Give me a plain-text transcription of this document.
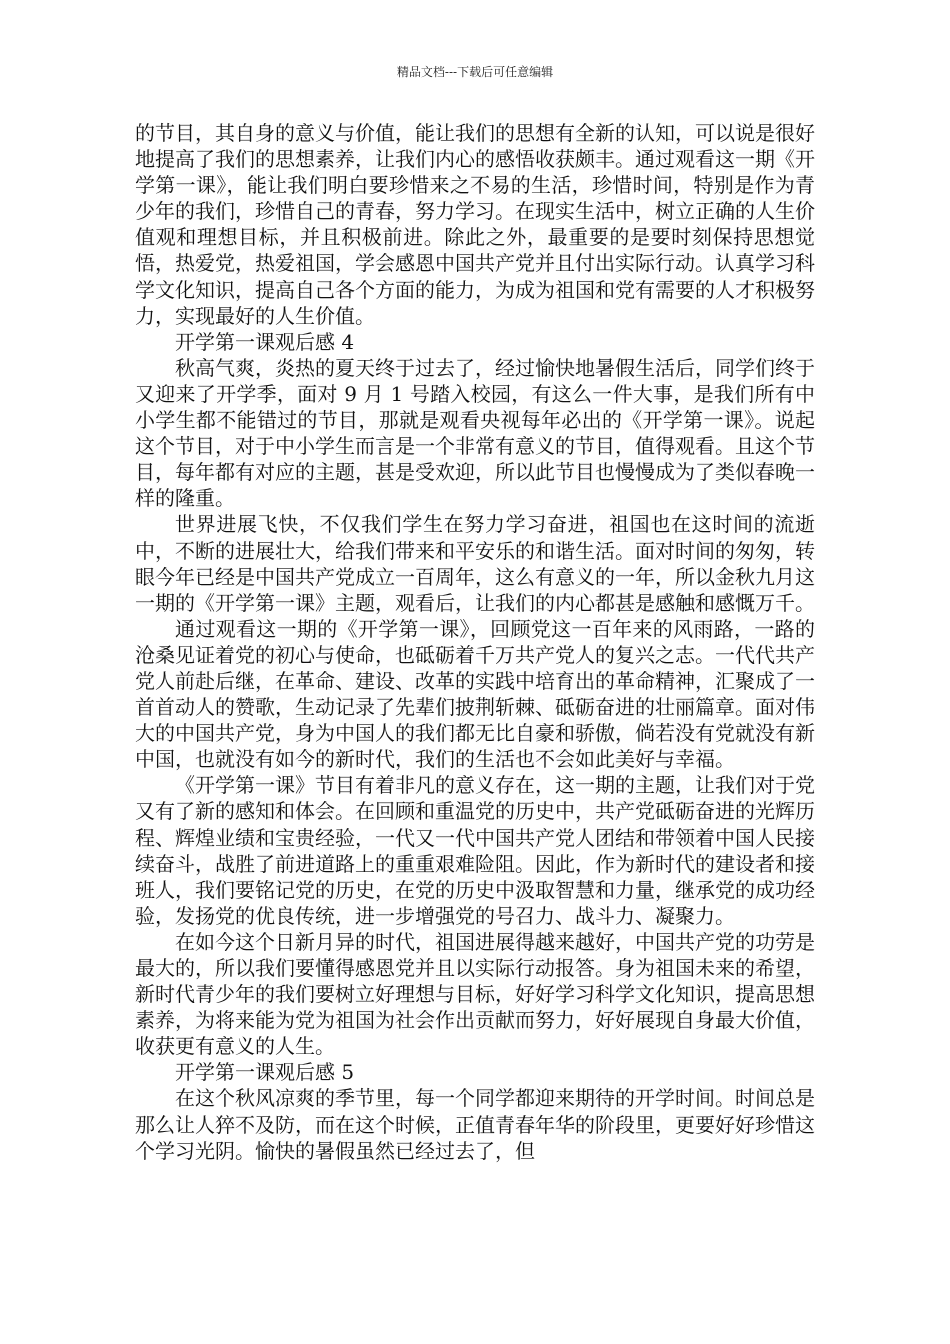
精品文档---下载后可任意编辑

的节目，其自身的意义与价值，能让我们的思想有全新的认知，可以说是很好地提高了我们的思想素养，让我们内心的感悟收获颇丰。通过观看这一期《开学第一课》，能让我们明白要珍惜来之不易的生活，珍惜时间，特别是作为青少年的我们，珍惜自己的青春，努力学习。在现实生活中，树立正确的人生价值观和理想目标，并且积极前进。除此之外，最重要的是要时刻保持思想觉悟，热爱党，热爱祖国，学会感恩中国共产党并且付出实际行动。认真学习科学文化知识，提高自己各个方面的能力，为成为祖国和党有需要的人才积极努力，实现最好的人生价值。

开学第一课观后感 4

秋高气爽，炎热的夏天终于过去了，经过愉快地暑假生活后，同学们终于又迎来了开学季，面对 9 月 1 号踏入校园，有这么一件大事，是我们所有中小学生都不能错过的节目，那就是观看央视每年必出的《开学第一课》。说起这个节目，对于中小学生而言是一个非常有意义的节目，值得观看。且这个节目，每年都有对应的主题，甚是受欢迎，所以此节目也慢慢成为了类似春晚一样的隆重。

世界进展飞快，不仅我们学生在努力学习奋进，祖国也在这时间的流逝中，不断的进展壮大，给我们带来和平安乐的和谐生活。面对时间的匆匆，转眼今年已经是中国共产党成立一百周年，这么有意义的一年，所以金秋九月这一期的《开学第一课》主题，观看后，让我们的内心都甚是感触和感慨万千。

通过观看这一期的《开学第一课》，回顾党这一百年来的风雨路，一路的沧桑见证着党的初心与使命，也砥砺着千万共产党人的复兴之志。一代代共产党人前赴后继，在革命、建设、改革的实践中培育出的革命精神，汇聚成了一首首动人的赞歌，生动记录了先辈们披荆斩棘、砥砺奋进的壮丽篇章。面对伟大的中国共产党，身为中国人的我们都无比自豪和骄傲，倘若没有党就没有新中国，也就没有如今的新时代，我们的生活也不会如此美好与幸福。

《开学第一课》节目有着非凡的意义存在，这一期的主题，让我们对于党又有了新的感知和体会。在回顾和重温党的历史中，共产党砥砺奋进的光辉历程、辉煌业绩和宝贵经验，一代又一代中国共产党人团结和带领着中国人民接续奋斗，战胜了前进道路上的重重艰难险阻。因此，作为新时代的建设者和接班人，我们要铭记党的历史，在党的历史中汲取智慧和力量，继承党的成功经验，发扬党的优良传统，进一步增强党的号召力、战斗力、凝聚力。

在如今这个日新月异的时代，祖国进展得越来越好，中国共产党的功劳是最大的，所以我们要懂得感恩党并且以实际行动报答。身为祖国未来的希望，新时代青少年的我们要树立好理想与目标，好好学习科学文化知识，提高思想素养，为将来能为党为祖国为社会作出贡献而努力，好好展现自身最大价值，收获更有意义的人生。

开学第一课观后感 5

在这个秋风凉爽的季节里，每一个同学都迎来期待的开学时间。时间总是那么让人猝不及防，而在这个时候，正值青春年华的阶段里，更要好好珍惜这个学习光阴。愉快的暑假虽然已经过去了，但
